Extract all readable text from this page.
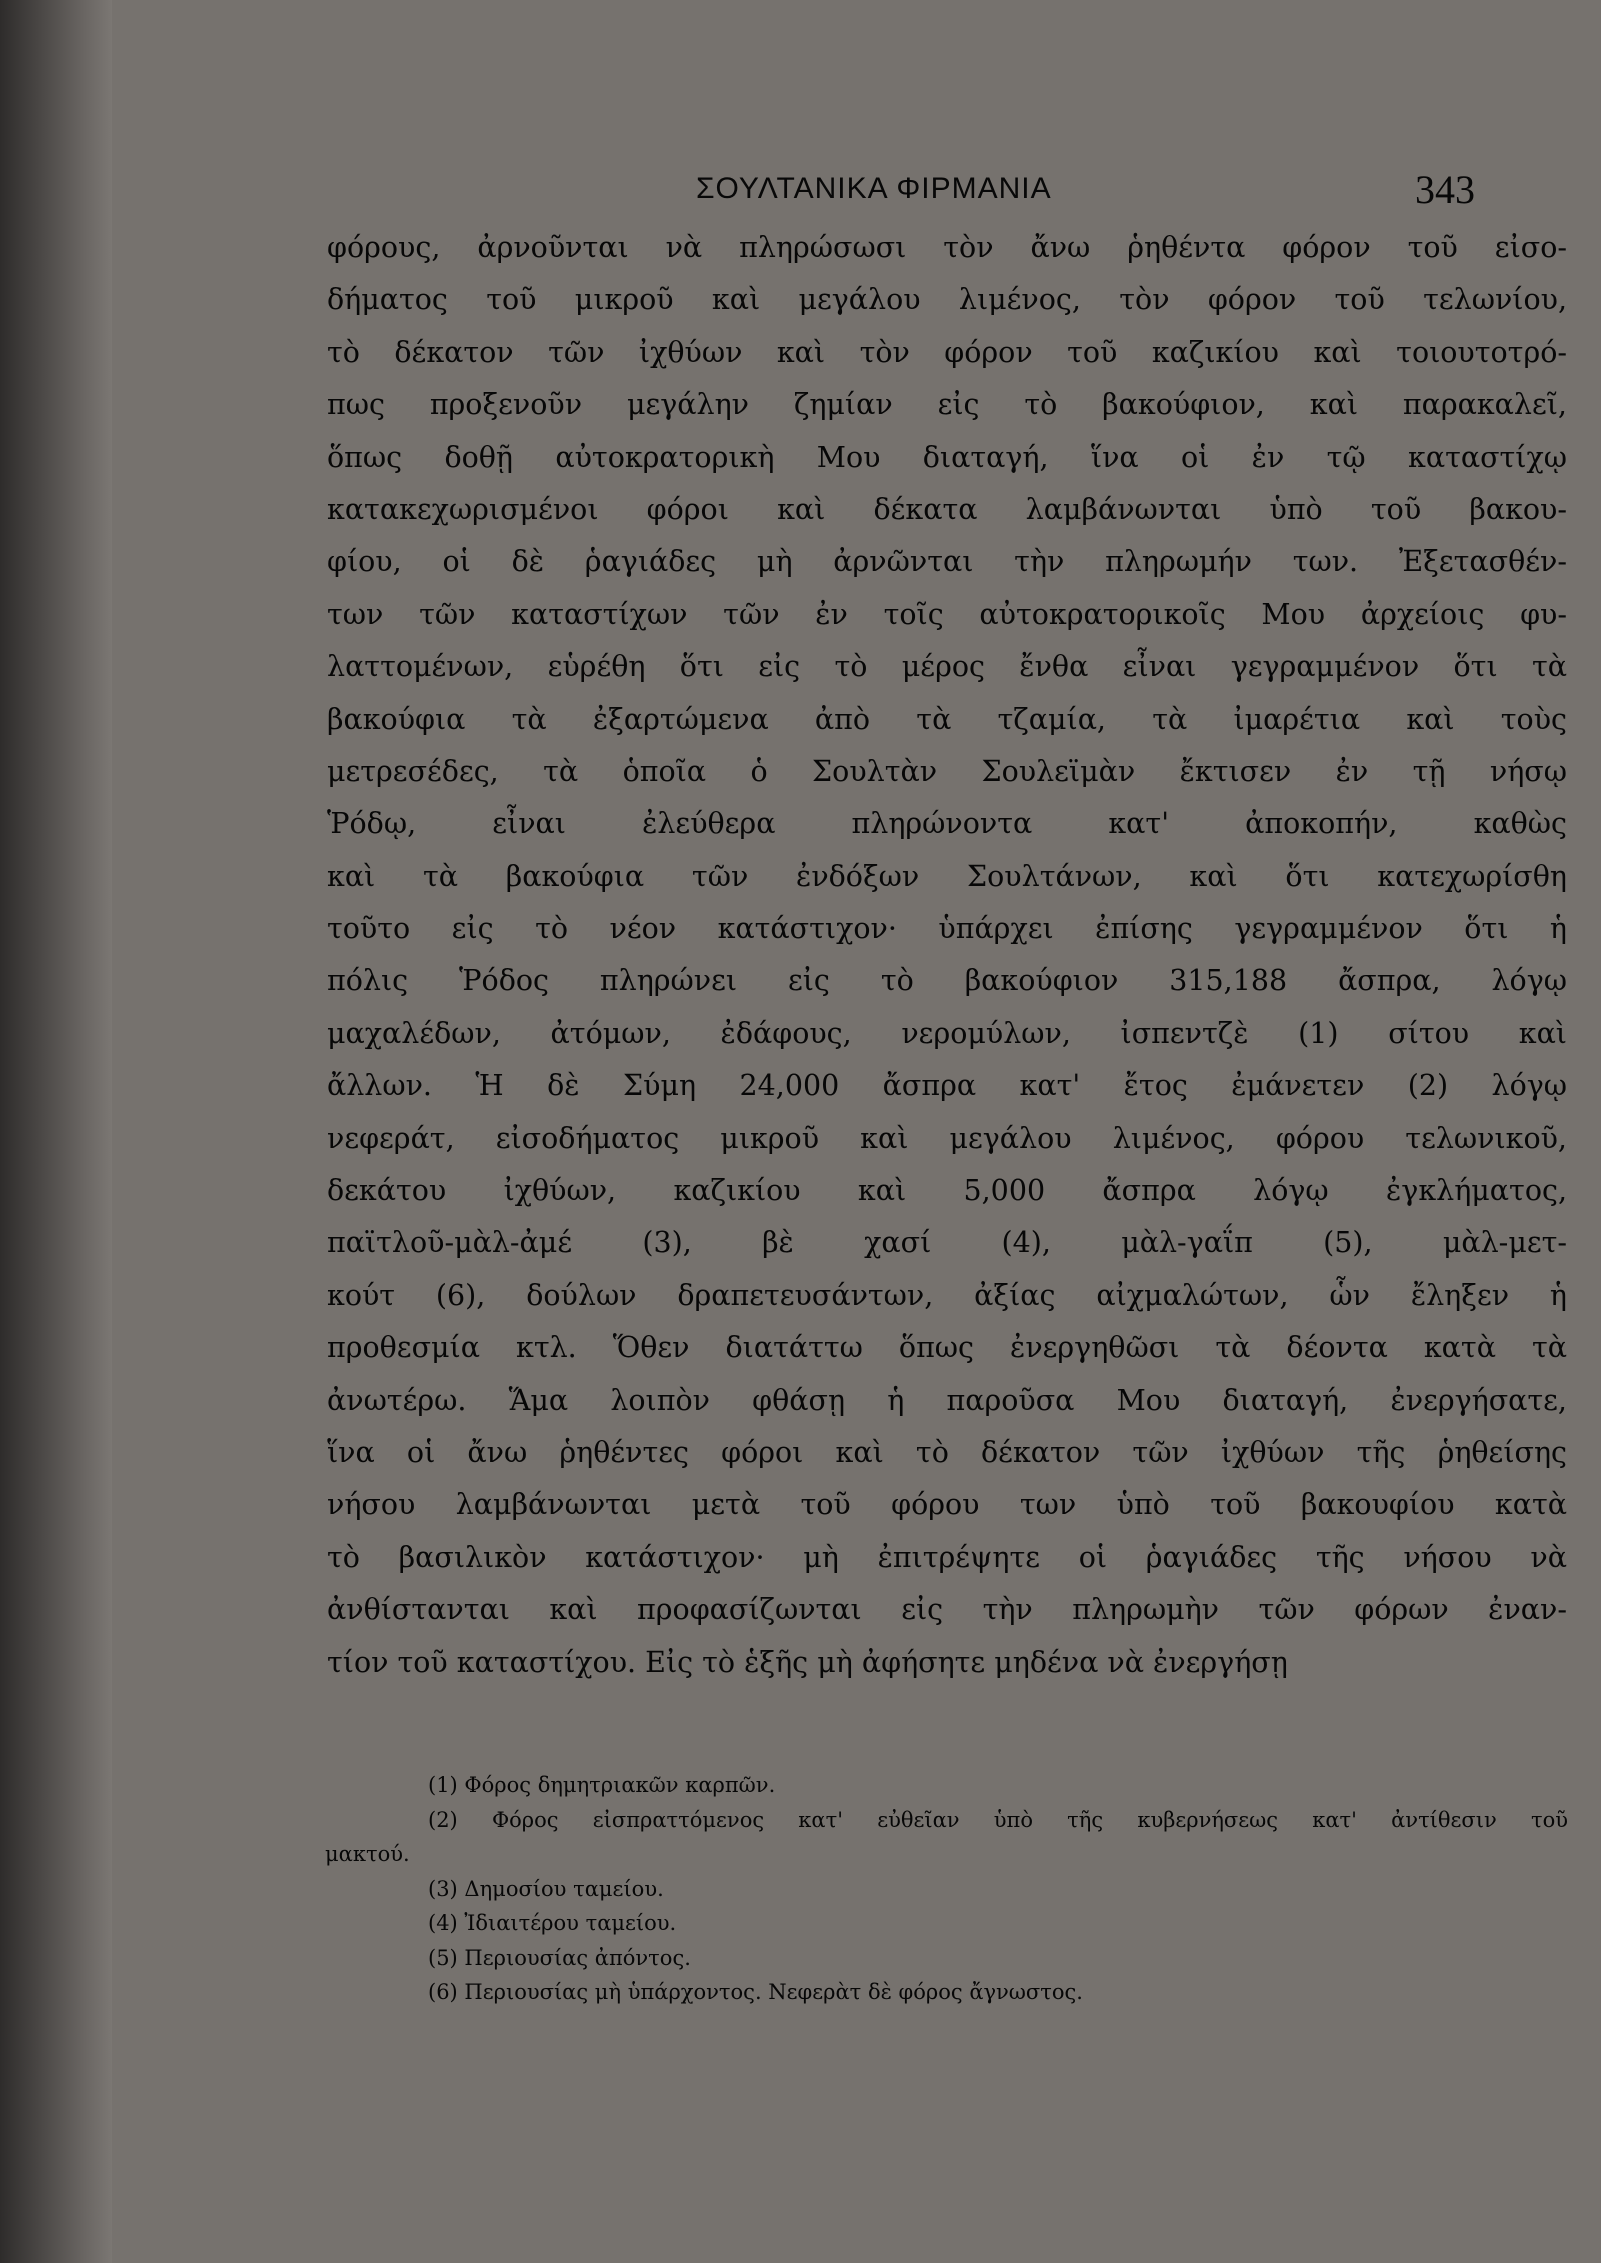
ΣΟΥΛΤΑΝΙΚΑ ΦΙΡΜΑΝΙΑ	343
φόρους, ἀρνοῦνται νὰ πληρώσωσι τὸν ἄνω ῥηθέντα φόρον τοῦ εἰσο-
δήματος τοῦ μικροῦ καὶ μεγάλου λιμένος, τὸν φόρον τοῦ τελωνίου,
τὸ δέκατον τῶν ἰχθύων καὶ τὸν φόρον τοῦ καζικίου καὶ τοιουτοτρό-
πως προξενοῦν μεγάλην ζημίαν εἰς τὸ βακούφιον, καὶ παρακαλεῖ,
ὅπως δοθῇ αὐτοκρατορικὴ Μου διαταγή, ἵνα οἱ ἐν τῷ καταστίχῳ
κατακεχωρισμένοι φόροι καὶ δέκατα λαμβάνωνται ὑπὸ τοῦ βακου-
φίου, οἱ δὲ ῥαγιάδες μὴ ἀρνῶνται τὴν πληρωμήν των. Ἐξετασθέν-
των τῶν καταστίχων τῶν ἐν τοῖς αὐτοκρατορικοῖς Μου ἀρχείοις φυ-
λαττομένων, εὑρέθη ὅτι εἰς τὸ μέρος ἔνθα εἶναι γεγραμμένον ὅτι τὰ
βακούφια τὰ ἐξαρτώμενα ἀπὸ τὰ τζαμία, τὰ ἰμαρέτια καὶ τοὺς
μετρεσέδες, τὰ ὁποῖα ὁ Σουλτὰν Σουλεϊμὰν ἔκτισεν ἐν τῇ νήσῳ
Ῥόδῳ, εἶναι ἐλεύθερα πληρώνοντα κατ' ἀποκοπήν, καθὼς
καὶ τὰ βακούφια τῶν ἐνδόξων Σουλτάνων, καὶ ὅτι κατεχωρίσθη
τοῦτο εἰς τὸ νέον κατάστιχον· ὑπάρχει ἐπίσης γεγραμμένον ὅτι ἡ
πόλις Ῥόδος πληρώνει εἰς τὸ βακούφιον 315,188 ἄσπρα, λόγῳ
μαχαλέδων, ἀτόμων, ἐδάφους, νερομύλων, ἰσπεντζὲ (1) σίτου καὶ
ἄλλων. Ἡ δὲ Σύμη 24,000 ἄσπρα κατ' ἔτος ἐμάνετεν (2) λόγῳ
νεφεράτ, εἰσοδήματος μικροῦ καὶ μεγάλου λιμένος, φόρου τελωνικοῦ,
δεκάτου ἰχθύων, καζικίου καὶ 5,000 ἄσπρα λόγῳ ἐγκλήματος,
παϊτλοῦ-μὰλ-ἀμέ (3), βὲ χασί (4), μὰλ-γαΐπ (5), μὰλ-μετ-
κούτ (6), δούλων δραπετευσάντων, ἀξίας αἰχμαλώτων, ὧν ἔληξεν ἡ
προθεσμία κτλ. Ὅθεν διατάττω ὅπως ἐνεργηθῶσι τὰ δέοντα κατὰ τὰ
ἀνωτέρω. Ἅμα λοιπὸν φθάσῃ ἡ παροῦσα Μου διαταγή, ἐνεργήσατε,
ἵνα οἱ ἄνω ῥηθέντες φόροι καὶ τὸ δέκατον τῶν ἰχθύων τῆς ῥηθείσης
νήσου λαμβάνωνται μετὰ τοῦ φόρου των ὑπὸ τοῦ βακουφίου κατὰ
τὸ βασιλικὸν κατάστιχον· μὴ ἐπιτρέψητε οἱ ῥαγιάδες τῆς νήσου νὰ
ἀνθίστανται καὶ προφασίζωνται εἰς τὴν πληρωμὴν τῶν φόρων ἐναν-
τίον τοῦ καταστίχου. Εἰς τὸ ἑξῆς μὴ ἀφήσητε μηδένα νὰ ἐνεργήσῃ
(1) Φόρος δημητριακῶν καρπῶν.
(2) Φόρος εἰσπραττόμενος κατ' εὐθεῖαν ὑπὸ τῆς κυβερνήσεως κατ' ἀντίθεσιν τοῦ
μακτού.
(3) Δημοσίου ταμείου.
(4) Ἰδιαιτέρου ταμείου.
(5) Περιουσίας ἀπόντος.
(6) Περιουσίας μὴ ὑπάρχοντος. Νεφερὰτ δὲ φόρος ἄγνωστος.
